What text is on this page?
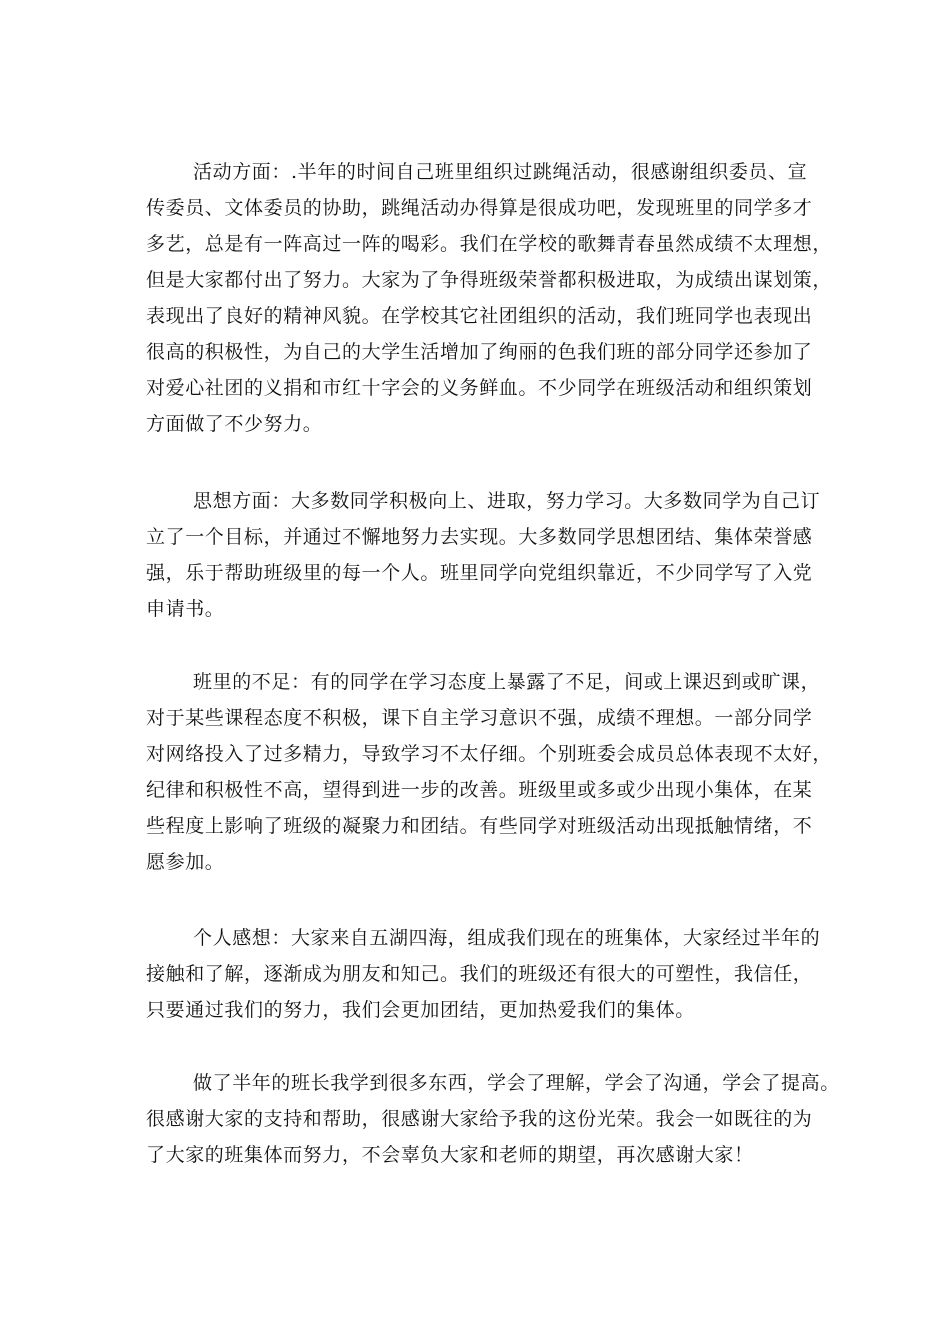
活动方面：.半年的时间自己班里组织过跳绳活动，很感谢组织委员、宣
传委员、文体委员的协助，跳绳活动办得算是很成功吧，发现班里的同学多才
多艺，总是有一阵高过一阵的喝彩。我们在学校的歌舞青春虽然成绩不太理想，
但是大家都付出了努力。大家为了争得班级荣誉都积极进取，为成绩出谋划策，
表现出了良好的精神风貌。在学校其它社团组织的活动，我们班同学也表现出
很高的积极性，为自己的大学生活增加了绚丽的色我们班的部分同学还参加了
对爱心社团的义捐和市红十字会的义务鲜血。不少同学在班级活动和组织策划
方面做了不少努力。
思想方面：大多数同学积极向上、进取，努力学习。大多数同学为自己订
立了一个目标，并通过不懈地努力去实现。大多数同学思想团结、集体荣誉感
强，乐于帮助班级里的每一个人。班里同学向党组织靠近，不少同学写了入党
申请书。
班里的不足：有的同学在学习态度上暴露了不足，间或上课迟到或旷课，
对于某些课程态度不积极，课下自主学习意识不强，成绩不理想。一部分同学
对网络投入了过多精力，导致学习不太仔细。个别班委会成员总体表现不太好，
纪律和积极性不高，望得到进一步的改善。班级里或多或少出现小集体，在某
些程度上影响了班级的凝聚力和团结。有些同学对班级活动出现抵触情绪，不
愿参加。
个人感想：大家来自五湖四海，组成我们现在的班集体，大家经过半年的
接触和了解，逐渐成为朋友和知己。我们的班级还有很大的可塑性，我信任，
只要通过我们的努力，我们会更加团结，更加热爱我们的集体。
做了半年的班长我学到很多东西，学会了理解，学会了沟通，学会了提高。
很感谢大家的支持和帮助，很感谢大家给予我的这份光荣。我会一如既往的为
了大家的班集体而努力，不会辜负大家和老师的期望，再次感谢大家！
